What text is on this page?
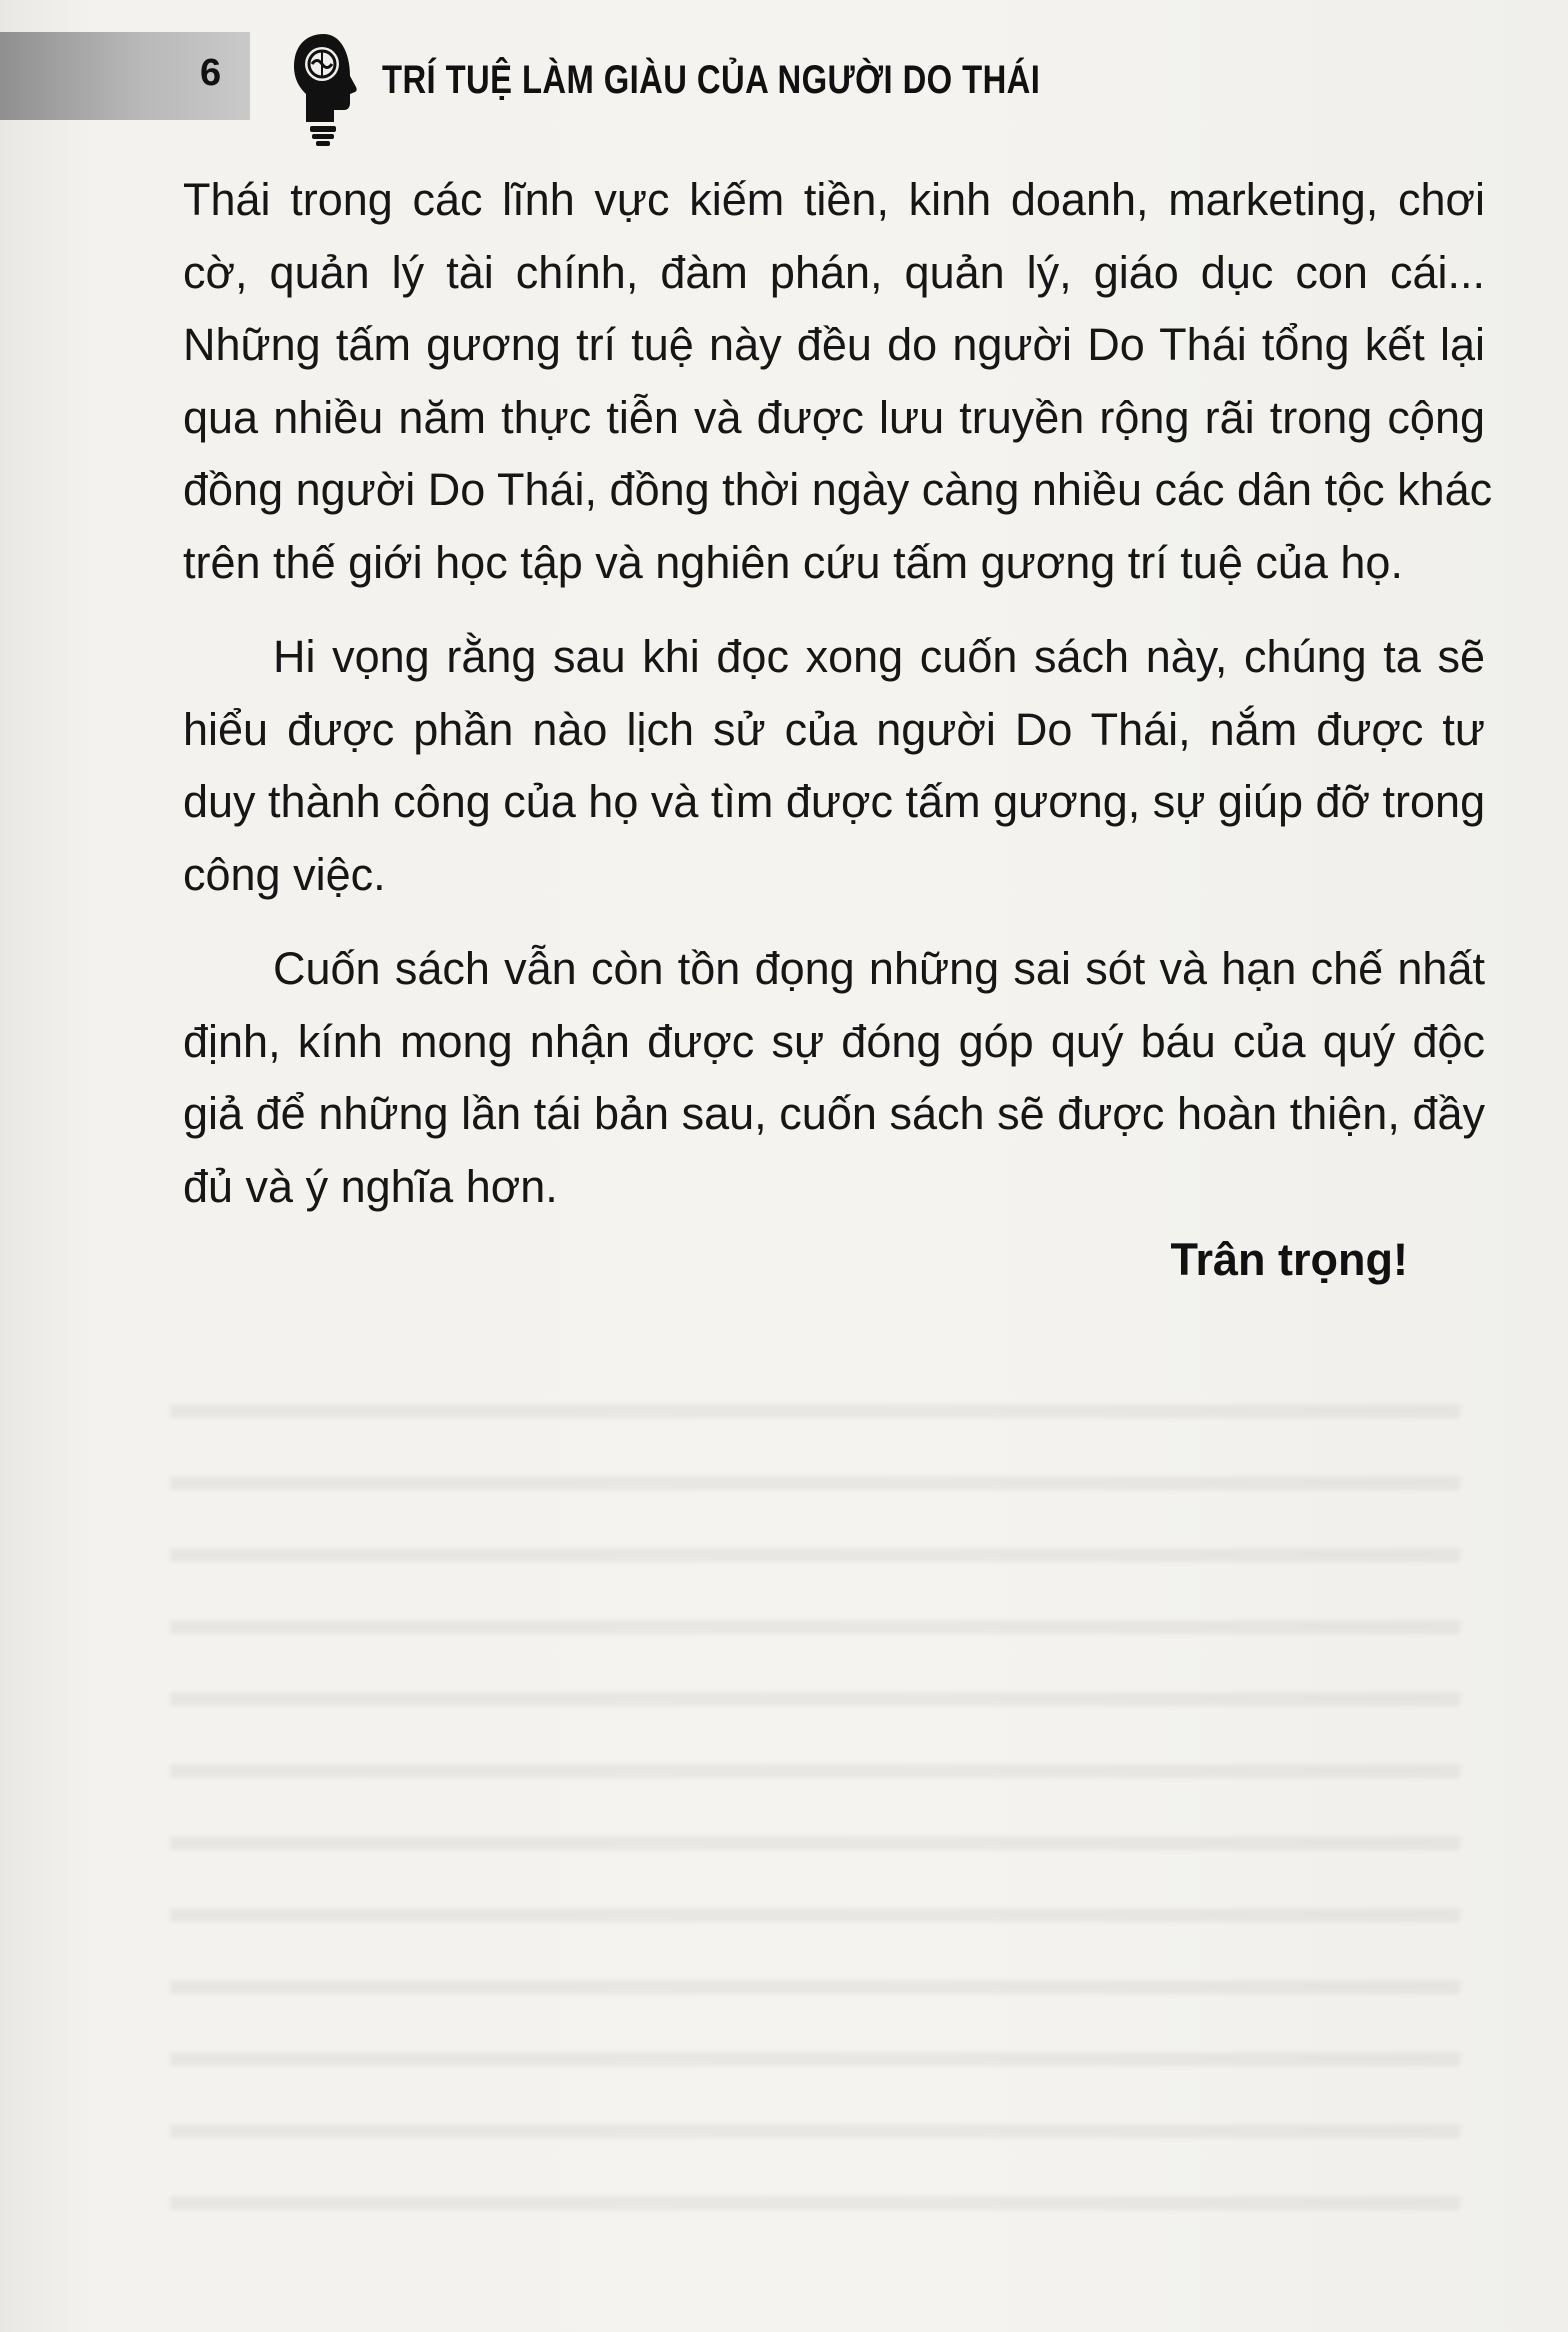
6	TRÍ TUỆ LÀM GIÀU CỦA NGƯỜI DO THÁI

Thái trong các lĩnh vực kiếm tiền, kinh doanh, marketing, chơi
cờ, quản lý tài chính, đàm phán, quản lý, giáo dục con cái...
Những tấm gương trí tuệ này đều do người Do Thái tổng kết lại
qua nhiều năm thực tiễn và được lưu truyền rộng rãi trong cộng
đồng người Do Thái, đồng thời ngày càng nhiều các dân tộc khác
trên thế giới học tập và nghiên cứu tấm gương trí tuệ của họ.

Hi vọng rằng sau khi đọc xong cuốn sách này, chúng ta sẽ
hiểu được phần nào lịch sử của người Do Thái, nắm được tư
duy thành công của họ và tìm được tấm gương, sự giúp đỡ trong
công việc.

Cuốn sách vẫn còn tồn đọng những sai sót và hạn chế nhất
định, kính mong nhận được sự đóng góp quý báu của quý độc
giả để những lần tái bản sau, cuốn sách sẽ được hoàn thiện, đầy
đủ và ý nghĩa hơn.

Trân trọng!
